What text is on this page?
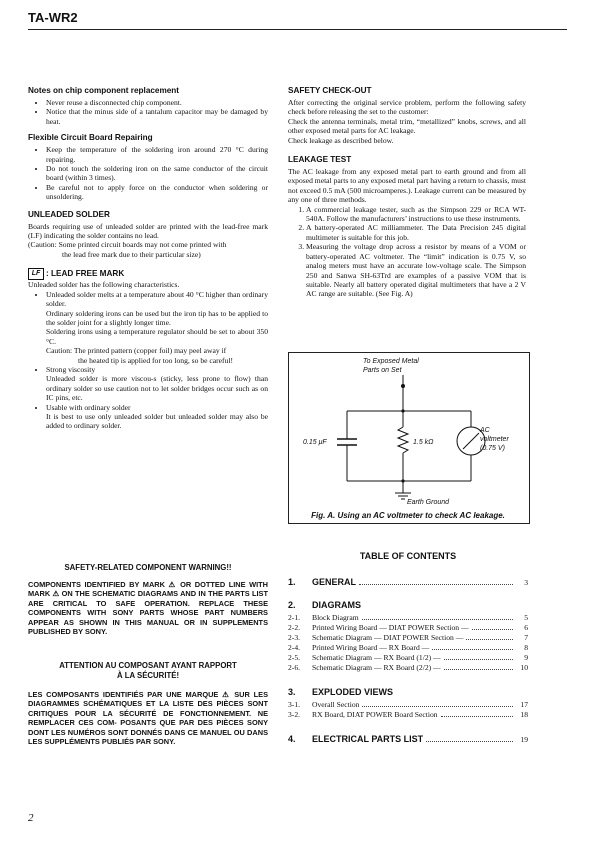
TA-WR2
Notes on chip component replacement
• Never reuse a disconnected chip component.
• Notice that the minus side of a tantalum capacitor may be damaged by heat.
Flexible Circuit Board Repairing
• Keep the temperature of the soldering iron around 270 °C during repairing.
• Do not touch the soldering iron on the same conductor of the circuit board (within 3 times).
• Be careful not to apply force on the conductor when soldering or unsoldering.
UNLEADED SOLDER

Boards requiring use of unleaded solder are printed with the lead-free mark (LF) indicating the solder contains no lead.

(Caution: Some printed circuit boards may not come printed with

the lead free mark due to their particular size)

LF : LEAD FREE MARK

Unleaded solder has the following characteristics.

• Unleaded solder melts at a temperature about 40 °C higher than ordinary solder.
Ordinary soldering irons can be used but the iron tip has to be applied to the solder joint for a slightly longer time.
Soldering irons using a temperature regulator should be set to about 350 °C.
Caution: The printed pattern (copper foil) may peel away if
the heated tip is applied for too long, so be careful!
• Strong viscosity
Unleaded solder is more viscou-s (sticky, less prone to flow) than ordinary solder so use caution not to let solder bridges occur such as on IC pins, etc.
• Usable with ordinary solder
It is best to use only unleaded solder but unleaded solder may also be added to ordinary solder.
SAFETY CHECK-OUT

After correcting the original service problem, perform the following safety check before releasing the set to the customer:

Check the antenna terminals, metal trim, “metallized” knobs, screws, and all other exposed metal parts for AC leakage.

Check leakage as described below.

LEAKAGE TEST

The AC leakage from any exposed metal part to earth ground and from all exposed metal parts to any exposed metal part having a return to chassis, must not exceed 0.5 mA (500 microamperes.). Leakage current can be measured by any one of three methods.

1. A commercial leakage tester, such as the Simpson 229 or RCA WT-540A. Follow the manufacturers’ instructions to use these instruments.
2. A battery-operated AC milliammeter. The Data Precision 245 digital multimeter is suitable for this job.
3. Measuring the voltage drop across a resistor by means of a VOM or battery-operated AC voltmeter. The “limit” indication is 0.75 V, so analog meters must have an accurate low-voltage scale. The Simpson 250 and Sanwa SH-63Trd are examples of a passive VOM that is suitable. Nearly all battery operated digital multimeters that have a 2 V AC range are suitable. (See Fig. A)
To Exposed Metal
Parts on Set
0.15 μF	1.5 kΩ
AC
voltmeter
(0.75 V)
Earth Ground
Fig. A. Using an AC voltmeter to check AC leakage.
SAFETY-RELATED COMPONENT WARNING!!
COMPONENTS IDENTIFIED BY MARK ⚠ OR DOTTED LINE WITH MARK ⚠ ON THE SCHEMATIC DIAGRAMS AND IN THE PARTS LIST ARE CRITICAL TO SAFE OPERATION. REPLACE THESE COMPONENTS WITH SONY PARTS WHOSE PART NUMBERS APPEAR AS SHOWN IN THIS MANUAL OR IN SUPPLEMENTS PUBLISHED BY SONY.
ATTENTION AU COMPOSANT AYANT RAPPORT
À LA SÉCURITÉ!
LES COMPOSANTS IDENTIFIÉS PAR UNE MARQUE ⚠ SUR LES DIAGRAMMES SCHÉMATIQUES ET LA LISTE DES PIÈCES SONT CRITIQUES POUR LA SÉCURITÉ DE FONCTIONNEMENT. NE REMPLACER CES COM- POSANTS QUE PAR DES PIÈCES SONY DONT LES NUMÉROS SONT DONNÉS DANS CE MANUEL OU DANS LES SUPPLÉMENTS PUBLIÉS PAR SONY.
TABLE OF CONTENTS
1.	GENERAL	3
2.	DIAGRAMS
2-1.	Block Diagram	5
2-2.	Printed Wiring Board — DIAT POWER Section —	6
2-3.	Schematic Diagram — DIAT POWER Section —	7
2-4.	Printed Wiring Board — RX Board —	8
2-5.	Schematic Diagram — RX Board (1/2) —	9
2-6.	Schematic Diagram — RX Board (2/2) —	10
3.	EXPLODED VIEWS
3-1.	Overall Section	17
3-2.	RX Board, DIAT POWER Board Section	18
4.	ELECTRICAL PARTS LIST	19
2
